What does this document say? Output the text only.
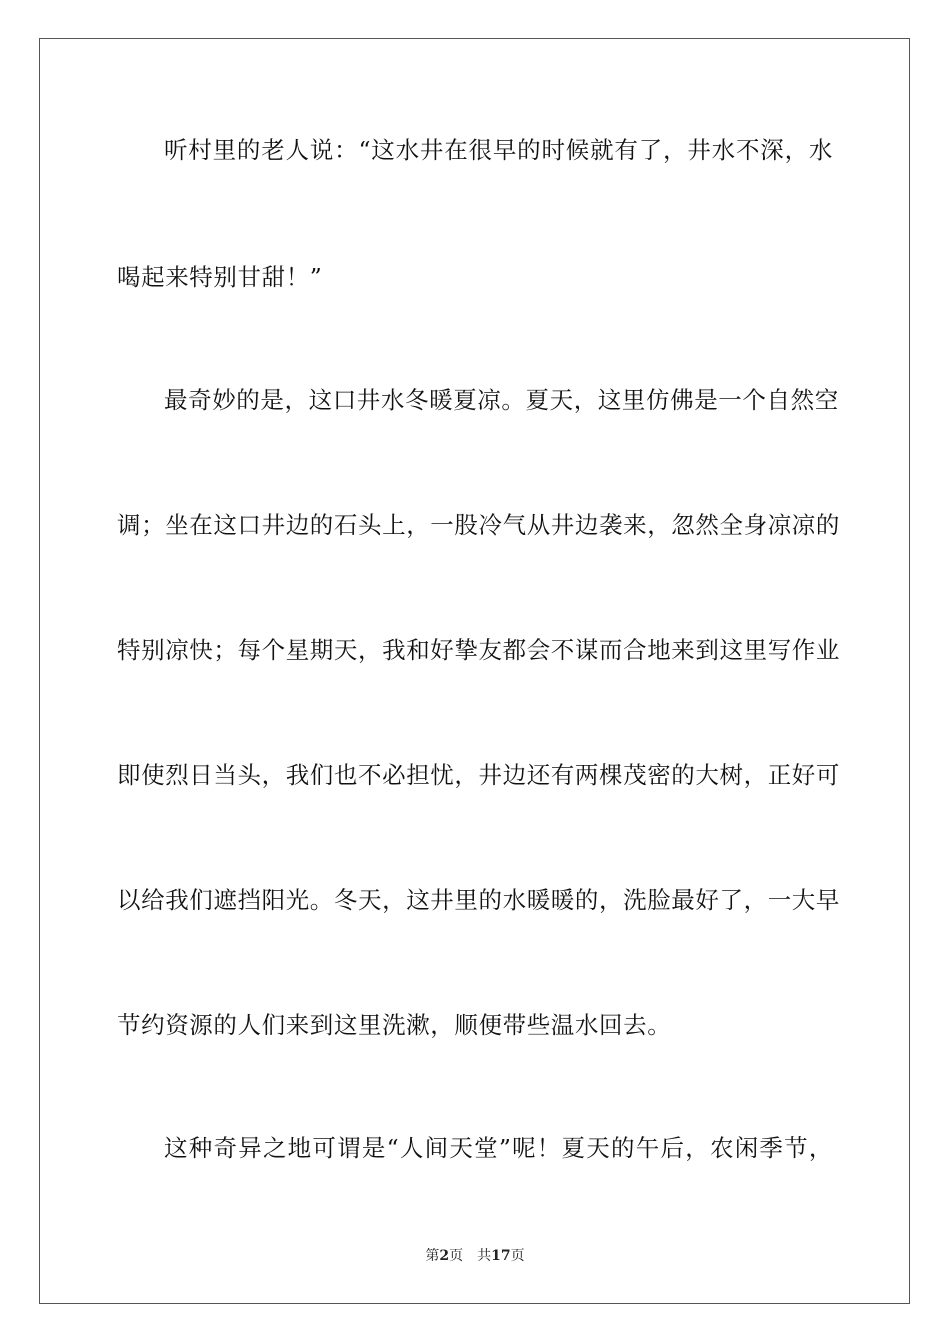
听村里的老人说：“这水井在很早的时候就有了，井水不深，水
喝起来特别甘甜！”
最奇妙的是，这口井水冬暖夏凉。夏天，这里仿佛是一个自然空
调；坐在这口井边的石头上，一股冷气从井边袭来，忽然全身凉凉的
特别凉快；每个星期天，我和好挚友都会不谋而合地来到这里写作业
即使烈日当头，我们也不必担忧，井边还有两棵茂密的大树，正好可
以给我们遮挡阳光。冬天，这井里的水暖暖的，洗脸最好了，一大早
节约资源的人们来到这里洗漱，顺便带些温水回去。
这种奇异之地可谓是“人间天堂”呢！夏天的午后，农闲季节，
第2页 共17页
